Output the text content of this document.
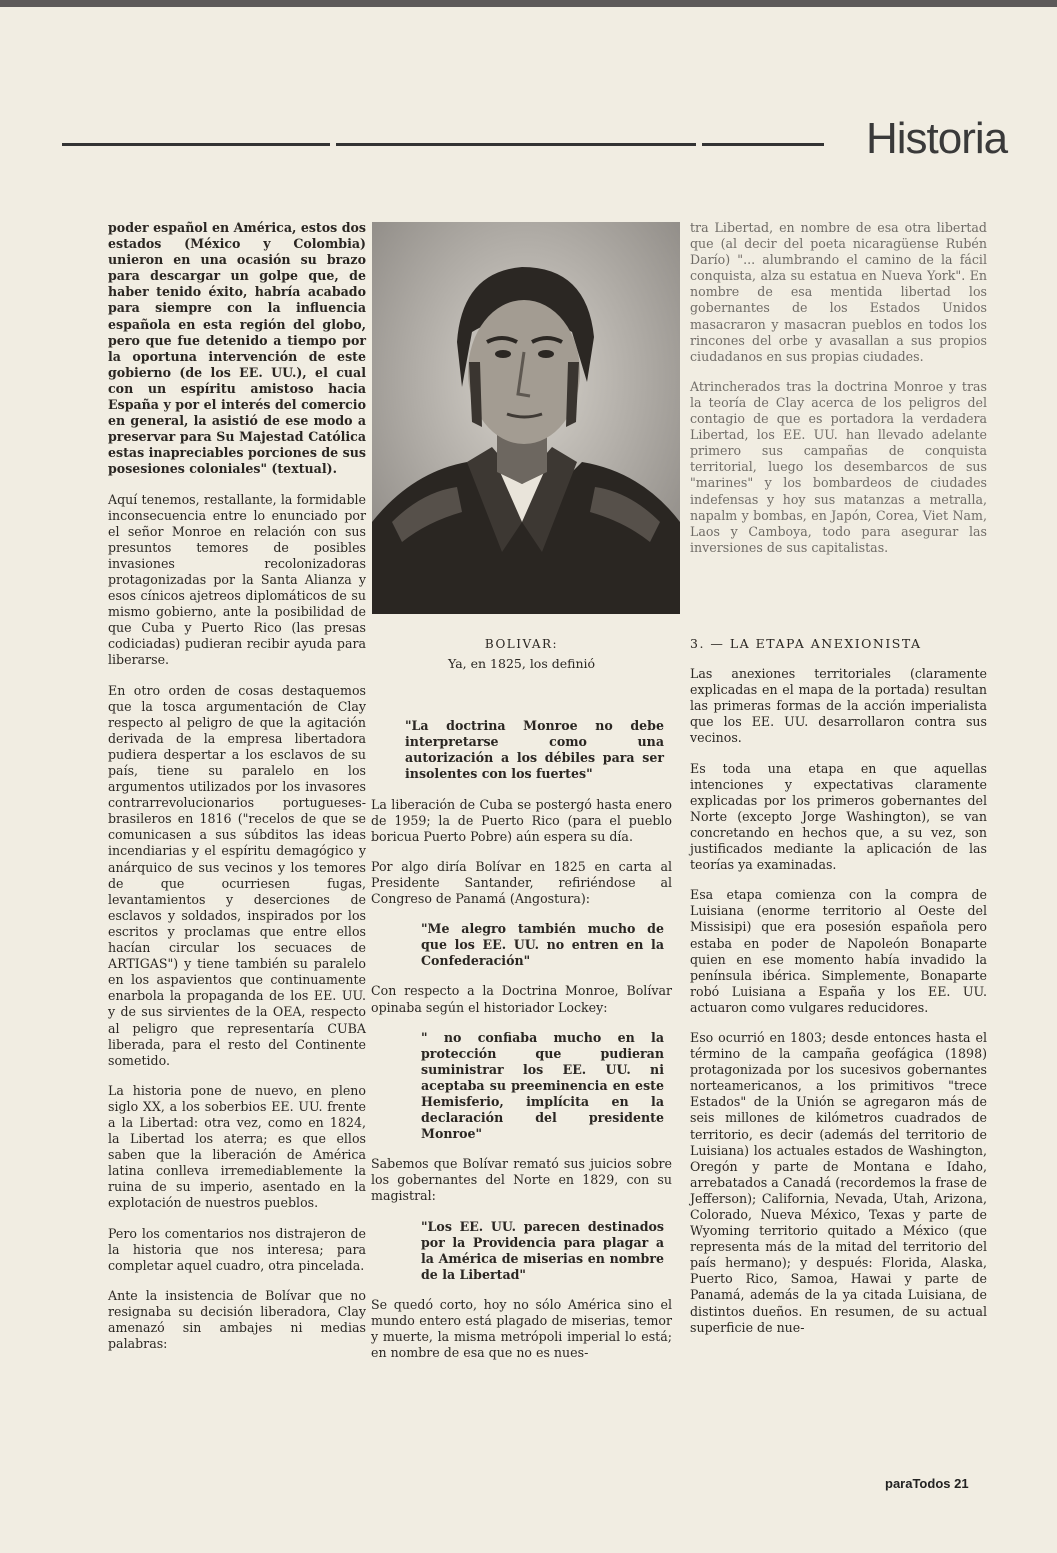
Historia

poder español en América, estos dos estados (México y Colombia) unieron en una ocasión su brazo para descargar un golpe que, de haber tenido éxito, habría acabado para siempre con la influencia española en esta región del globo, pero que fue detenido a tiempo por la oportuna intervención de este gobierno (de los EE. UU.), el cual con un espíritu amistoso hacia España y por el interés del comercio en general, la asistió de ese modo a preservar para Su Majestad Católica estas inapreciables porciones de sus posesiones coloniales" (textual).

Aquí tenemos, restallante, la formidable inconsecuencia entre lo enunciado por el señor Monroe en relación con sus presuntos temores de posibles invasiones recolonizadoras protagonizadas por la Santa Alianza y esos cínicos ajetreos diplomáticos de su mismo gobierno, ante la posibilidad de que Cuba y Puerto Rico (las presas codiciadas) pudieran recibir ayuda para liberarse.

En otro orden de cosas destaquemos que la tosca argumentación de Clay respecto al peligro de que la agitación derivada de la empresa libertadora pudiera despertar a los esclavos de su país, tiene su paralelo en los argumentos utilizados por los invasores contrarrevolucionarios portugueses-brasileros en 1816 ("recelos de que se comunicasen a sus súbditos las ideas incendiarias y el espíritu demagógico y anárquico de sus vecinos y los temores de que ocurriesen fugas, levantamientos y deserciones de esclavos y soldados, inspirados por los escritos y proclamas que entre ellos hacían circular los secuaces de ARTIGAS") y tiene también su paralelo en los aspavientos que continuamente enarbola la propaganda de los EE. UU. y de sus sirvientes de la OEA, respecto al peligro que representaría CUBA liberada, para el resto del Continente sometido.

La historia pone de nuevo, en pleno siglo XX, a los soberbios EE. UU. frente a la Libertad: otra vez, como en 1824, la Libertad los aterra; es que ellos saben que la liberación de América latina conlleva irremediablemente la ruina de su imperio, asentado en la explotación de nuestros pueblos.

Pero los comentarios nos distrajeron de la historia que nos interesa; para completar aquel cuadro, otra pincelada.

Ante la insistencia de Bolívar que no resignaba su decisión liberadora, Clay amenazó sin ambajes ni medias palabras:

BOLIVAR:

Ya, en 1825, los definió

"La doctrina Monroe no debe interpretarse como una autorización a los débiles para ser insolentes con los fuertes"

La liberación de Cuba se postergó hasta enero de 1959; la de Puerto Rico (para el pueblo boricua Puerto Pobre) aún espera su día.

Por algo diría Bolívar en 1825 en carta al Presidente Santander, refiriéndose al Congreso de Panamá (Angostura):

"Me alegro también mucho de que los EE. UU. no entren en la Confederación"

Con respecto a la Doctrina Monroe, Bolívar opinaba según el historiador Lockey:

" no confiaba mucho en la protección que pudieran suministrar los EE. UU. ni aceptaba su preeminencia en este Hemisferio, implícita en la declaración del presidente Monroe"

Sabemos que Bolívar remató sus juicios sobre los gobernantes del Norte en 1829, con su magistral:

"Los EE. UU. parecen destinados por la Providencia para plagar a la América de miserias en nombre de la Libertad"

Se quedó corto, hoy no sólo América sino el mundo entero está plagado de miserias, temor y muerte, la misma metrópoli imperial lo está; en nombre de esa que no es nues-

tra Libertad, en nombre de esa otra libertad que (al decir del poeta nicaragüense Rubén Darío) "... alumbrando el camino de la fácil conquista, alza su estatua en Nueva York". En nombre de esa mentida libertad los gobernantes de los Estados Unidos masacraron y masacran pueblos en todos los rincones del orbe y avasallan a sus propios ciudadanos en sus propias ciudades.

Atrincherados tras la doctrina Monroe y tras la teoría de Clay acerca de los peligros del contagio de que es portadora la verdadera Libertad, los EE. UU. han llevado adelante primero sus campañas de conquista territorial, luego los desembarcos de sus "marines" y los bombardeos de ciudades indefensas y hoy sus matanzas a metralla, napalm y bombas, en Japón, Corea, Viet Nam, Laos y Camboya, todo para asegurar las inversiones de sus capitalistas.

3. — LA ETAPA ANEXIONISTA

Las anexiones territoriales (claramente explicadas en el mapa de la portada) resultan las primeras formas de la acción imperialista que los EE. UU. desarrollaron contra sus vecinos.

Es toda una etapa en que aquellas intenciones y expectativas claramente explicadas por los primeros gobernantes del Norte (excepto Jorge Washington), se van concretando en hechos que, a su vez, son justificados mediante la aplicación de las teorías ya examinadas.

Esa etapa comienza con la compra de Luisiana (enorme territorio al Oeste del Missisipi) que era posesión española pero estaba en poder de Napoleón Bonaparte quien en ese momento había invadido la península ibérica. Simplemente, Bonaparte robó Luisiana a España y los EE. UU. actuaron como vulgares reducidores.

Eso ocurrió en 1803; desde entonces hasta el término de la campaña geofágica (1898) protagonizada por los sucesivos gobernantes norteamericanos, a los primitivos "trece Estados" de la Unión se agregaron más de seis millones de kilómetros cuadrados de territorio, es decir (además del territorio de Luisiana) los actuales estados de Washington, Oregón y parte de Montana e Idaho, arrebatados a Canadá (recordemos la frase de Jefferson); California, Nevada, Utah, Arizona, Colorado, Nueva México, Texas y parte de Wyoming territorio quitado a México (que representa más de la mitad del territorio del país hermano); y después: Florida, Alaska, Puerto Rico, Samoa, Hawai y parte de Panamá, además de la ya citada Luisiana, de distintos dueños. En resumen, de su actual superficie de nue-

paraTodos 21
